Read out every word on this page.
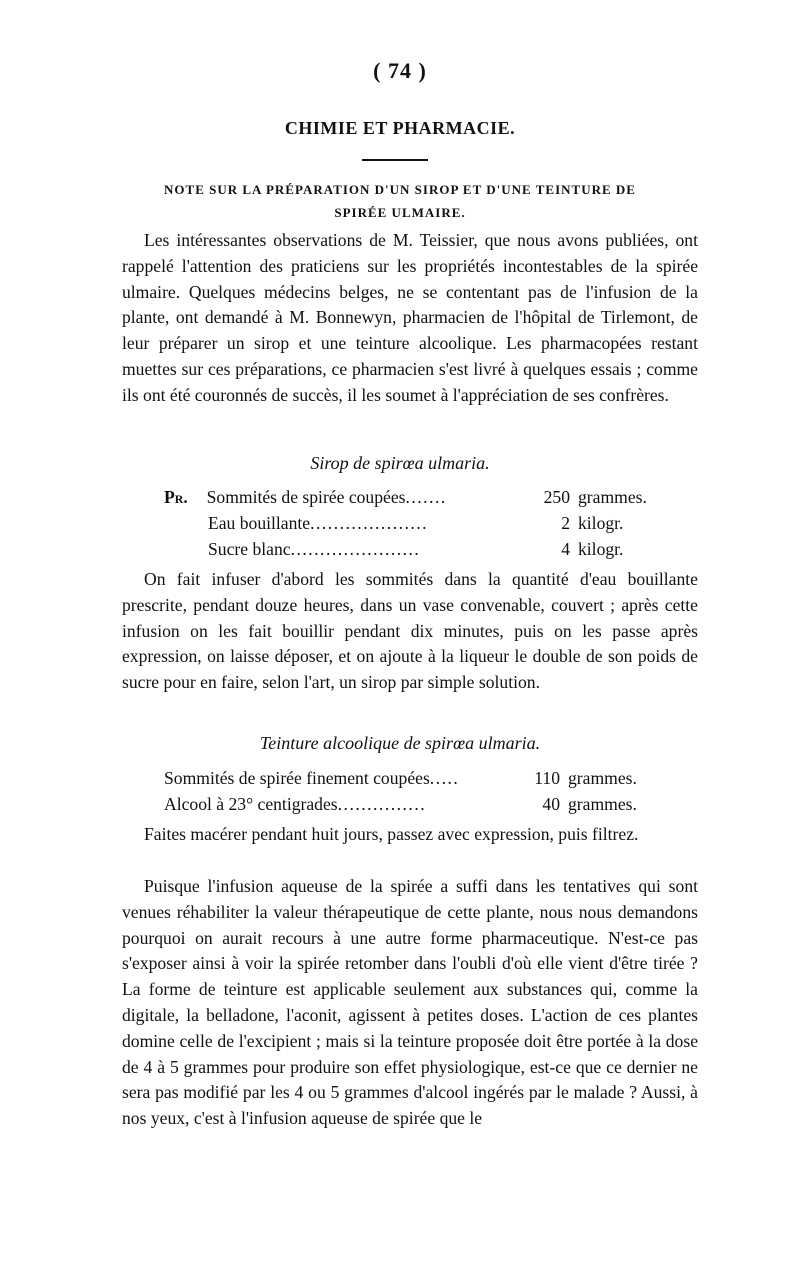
( 74 )
CHIMIE ET PHARMACIE.
NOTE SUR LA PRÉPARATION D'UN SIROP ET D'UNE TEINTURE DE
SPIRÉE ULMAIRE.

Les intéressantes observations de M. Teissier, que nous avons publiées, ont rappelé l'attention des praticiens sur les propriétés incontestables de la spirée ulmaire. Quelques médecins belges, ne se contentant pas de l'infusion de la plante, ont demandé à M. Bonnewyn, pharmacien de l'hôpital de Tirlemont, de leur préparer un sirop et une teinture alcoolique. Les pharmacopées restant muettes sur ces préparations, ce pharmacien s'est livré à quelques essais ; comme ils ont été couronnés de succès, il les soumet à l'appréciation de ses confrères.

Sirop de spirœa ulmaria.
Pr. Sommités de spirée coupées.......	250 grammes.
Eau bouillante....................	2 kilogr.
Sucre blanc......................	4 kilogr.

On fait infuser d'abord les sommités dans la quantité d'eau bouillante prescrite, pendant douze heures, dans un vase convenable, couvert ; après cette infusion on les fait bouillir pendant dix minutes, puis on les passe après expression, on laisse déposer, et on ajoute à la liqueur le double de son poids de sucre pour en faire, selon l'art, un sirop par simple solution.

Teinture alcoolique de spirœa ulmaria.
Sommités de spirée finement coupées.....	110 grammes.
Alcool à 23° centigrades...............	40 grammes.

Faites macérer pendant huit jours, passez avec expression, puis filtrez.

Puisque l'infusion aqueuse de la spirée a suffi dans les tentatives qui sont venues réhabiliter la valeur thérapeutique de cette plante, nous nous demandons pourquoi on aurait recours à une autre forme pharmaceutique. N'est-ce pas s'exposer ainsi à voir la spirée retomber dans l'oubli d'où elle vient d'être tirée ? La forme de teinture est applicable seulement aux substances qui, comme la digitale, la belladone, l'aconit, agissent à petites doses. L'action de ces plantes domine celle de l'excipient ; mais si la teinture proposée doit être portée à la dose de 4 à 5 grammes pour produire son effet physiologique, est-ce que ce dernier ne sera pas modifié par les 4 ou 5 grammes d'alcool ingérés par le malade ? Aussi, à nos yeux, c'est à l'infusion aqueuse de spirée que le
